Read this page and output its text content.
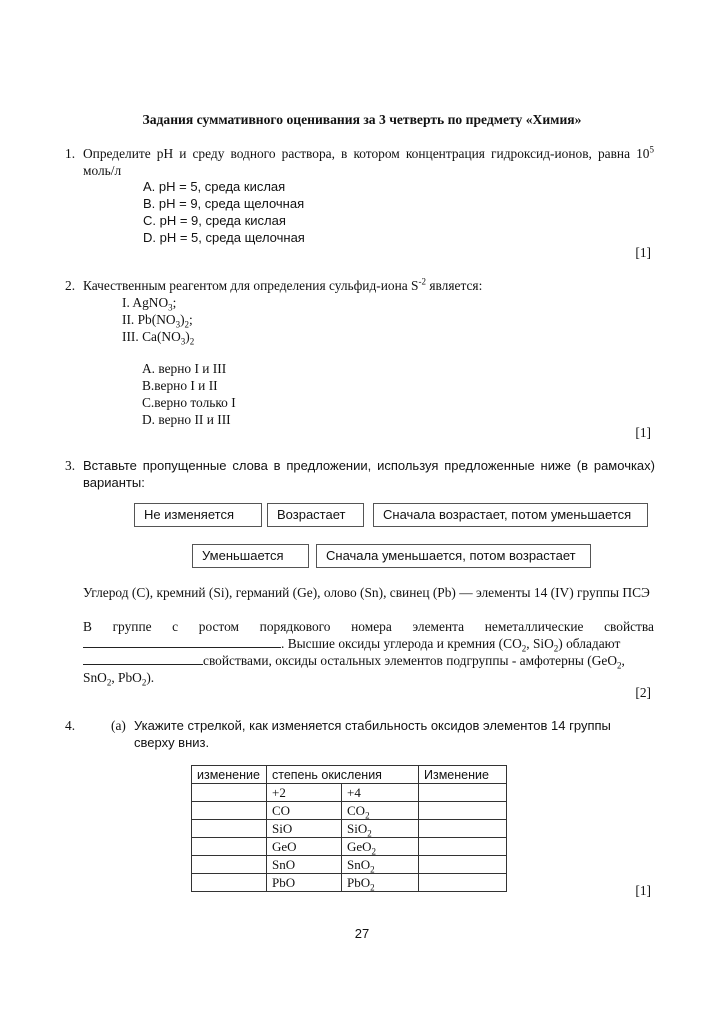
Задания суммативного оценивания за 3 четверть по предмету «Химия»
1. Определите pH и среду водного раствора, в котором концентрация гидроксид-ионов, равна $10^5$ моль/л
A. pH = 5, среда кислая
B. pH = 9, среда щелочная
C. pH = 9, среда кислая
D. pH = 5, среда щелочная
[1]
2. Качественным реагентом для определения сульфид-иона $S^{-2}$ является:
I. AgNO$_3$;
II. $Pb(NO_3)_2$;
III. $Ca(NO_3)_2$
A. верно I и III
B.верно I и II
C.верно только I
D. верно II и III
[1]
3. Вставьте пропущенные слова в предложении, используя предложенные ниже (в рамочках) варианты:
Не изменяется	Возрастает	Сначала возрастает, потом уменьшается
Уменьшается	Сначала уменьшается, потом возрастает
Углерод (C), кремний (Si), германий (Ge), олово (Sn), свинец (Pb) — элементы 14 (IV) группы ПСЭ
В группе с ростом порядкового номера элемента неметаллические свойства
. Высшие оксиды углерода и кремния ($CO_2$, SiO$_2$) обладают
свойствами, оксиды остальных элементов подгруппы - амфотерны (GeO$_2$,
SnO$_2$, PbO$_2$).
[2]
4.	(a) Укажите стрелкой, как изменяется стабильность оксидов элементов 14 группы сверху вниз.
изменение	степень окисления		Изменение
	+2	+4	
	CO	$CO_2$	
	SiO	SiO$_2$	
	GeO	GeO$_2$	
	SnO	SnO$_2$	
	PbO	PbO$_2$		[1]
27
